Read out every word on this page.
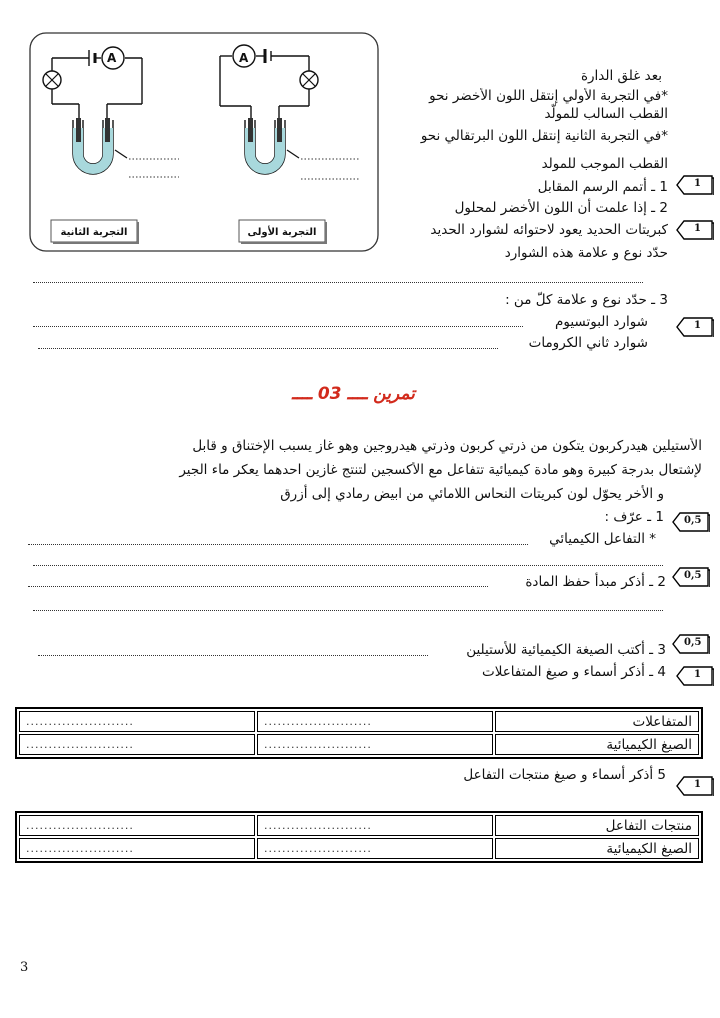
A	A
التجربة الثانية	التجربة الأولى
بعد غلق الدارة
*في التجربة الأولي إنتقل اللون الأخضر نحو
القطب السالب للمولّد
*في التجربة الثانية إنتقل اللون البرتقالي نحو
القطب الموجب للمولد
1 ـ أتمم الرسم المقابل
2 ـ إذا علمت أن اللون الأخضر لمحلول
كبريتات الحديد يعود لاحتوائه لشوارد الحديد
حدّد نوع و علامة هذه الشوارد
3 ـ حدّد نوع و علامة كلّ من :
شوارد البوتسيوم
شوارد ثاني الكرومات
تمرين ــــ 03 ــــ
الأستيلين هيدركربون يتكون من ذرتي كربون وذرتي هيدروجين وهو غاز يسبب الإختناق و قابل
لإشتعال بدرجة كبيرة وهو مادة كيميائية تتفاعل مع الأكسجين لتنتج غازين احدهما يعكر ماء الجير
و الأخر يحوّل لون كبريتات النحاس اللامائي من ابيض رمادي إلى أزرق
1 ـ عرّف :
* التفاعل الكيميائي
2 ـ أذكر مبدأ حفظ المادة
3 ـ أكتب الصيغة الكيميائية للأستيلين
4 ـ أذكر أسماء و صيغ المتفاعلات
........................	........................	المتفاعلات
........................	........................	الصيغ الكيميائية
5 أذكر أسماء و صيغ منتجات التفاعل
........................	........................	منتجات التفاعل
........................	........................	الصيغ الكيميائية
1
1
1
0,5
0,5
0,5
1
1
3
